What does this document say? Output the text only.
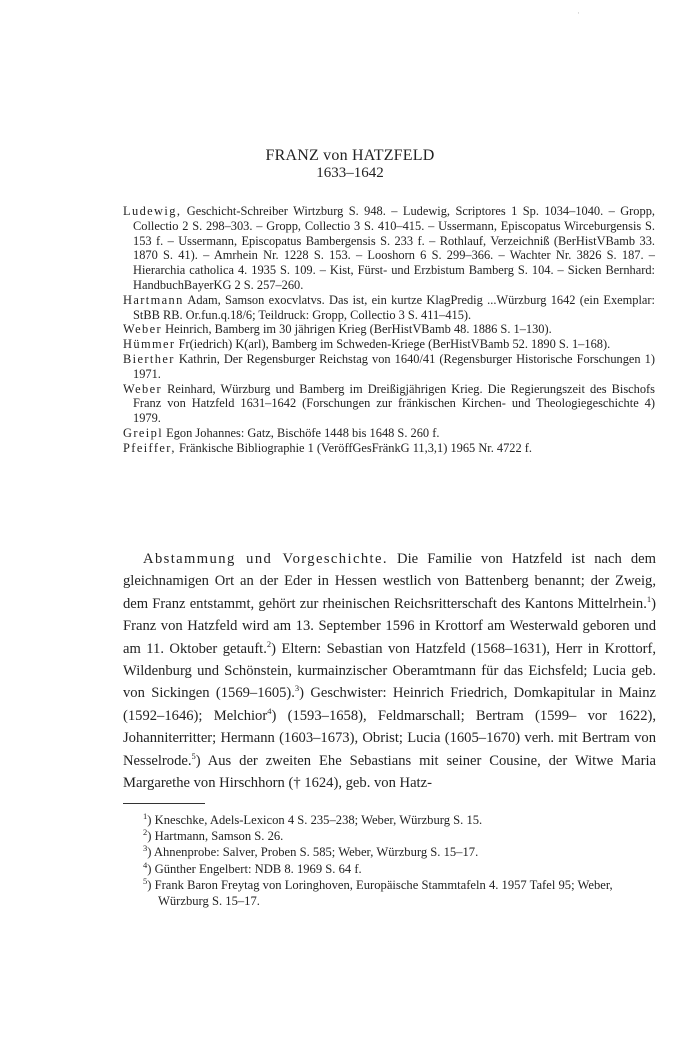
·
FRANZ von HATZFELD
1633–1642

Ludewig, Geschicht-Schreiber Wirtzburg S. 948. – Ludewig, Scriptores 1 Sp. 1034–1040. – Gropp, Collectio 2 S. 298–303. – Gropp, Collectio 3 S. 410–415. – Ussermann, Episcopatus Wirceburgensis S. 153 f. – Ussermann, Episcopatus Bambergensis S. 233 f. – Rothlauf, Verzeichniß (BerHistVBamb 33. 1870 S. 41). – Amrhein Nr. 1228 S. 153. – Looshorn 6 S. 299–366. – Wachter Nr. 3826 S. 187. – Hierarchia catholica 4. 1935 S. 109. – Kist, Fürst- und Erzbistum Bamberg S. 104. – Sicken Bernhard: HandbuchBayerKG 2 S. 257–260.

Hartmann Adam, Samson exocvlatvs. Das ist, ein kurtze KlagPredig ...Würzburg 1642 (ein Exemplar: StBB RB. Or.fun.q.18/6; Teildruck: Gropp, Collectio 3 S. 411–415).

Weber Heinrich, Bamberg im 30 jährigen Krieg (BerHistVBamb 48. 1886 S. 1–130).

Hümmer Fr(iedrich) K(arl), Bamberg im Schweden-Kriege (BerHistVBamb 52. 1890 S. 1–168).

Bierther Kathrin, Der Regensburger Reichstag von 1640/41 (Regensburger Historische Forschungen 1) 1971.

Weber Reinhard, Würzburg und Bamberg im Dreißigjährigen Krieg. Die Regierungszeit des Bischofs Franz von Hatzfeld 1631–1642 (Forschungen zur fränkischen Kirchen- und Theologiegeschichte 4) 1979.

Greipl Egon Johannes: Gatz, Bischöfe 1448 bis 1648 S. 260 f.

Pfeiffer, Fränkische Bibliographie 1 (VeröffGesFränkG 11,3,1) 1965 Nr. 4722 f.

Abstammung und Vorgeschichte. Die Familie von Hatzfeld ist nach dem gleichnamigen Ort an der Eder in Hessen westlich von Battenberg benannt; der Zweig, dem Franz entstammt, gehört zur rheinischen Reichsritterschaft des Kantons Mittelrhein.$^1$) Franz von Hatzfeld wird am 13. September 1596 in Krottorf am Westerwald geboren und am 11. Oktober getauft.$^2$) Eltern: Sebastian von Hatzfeld (1568–1631), Herr in Krottorf, Wildenburg und Schönstein, kurmainzischer Oberamtmann für das Eichsfeld; Lucia geb. von Sickingen (1569–1605).$^3$) Geschwister: Heinrich Friedrich, Domkapitular in Mainz (1592–1646); Melchior$^4$) (1593–1658), Feldmarschall; Bertram (1599– vor 1622), Johanniterritter; Hermann (1603–1673), Obrist; Lucia (1605–1670) verh. mit Bertram von Nesselrode.$^5$) Aus der zweiten Ehe Sebastians mit seiner Cousine, der Witwe Maria Margarethe von Hirschhorn († 1624), geb. von Hatz-

$^1$) Kneschke, Adels-Lexicon 4 S. 235–238; Weber, Würzburg S. 15.

$^2$) Hartmann, Samson S. 26.

$^3$) Ahnenprobe: Salver, Proben S. 585; Weber, Würzburg S. 15–17.

$^4$) Günther Engelbert: NDB 8. 1969 S. 64 f.

$^5$) Frank Baron Freytag von Loringhoven, Europäische Stammtafeln 4. 1957 Tafel 95; Weber, Würzburg S. 15–17.
